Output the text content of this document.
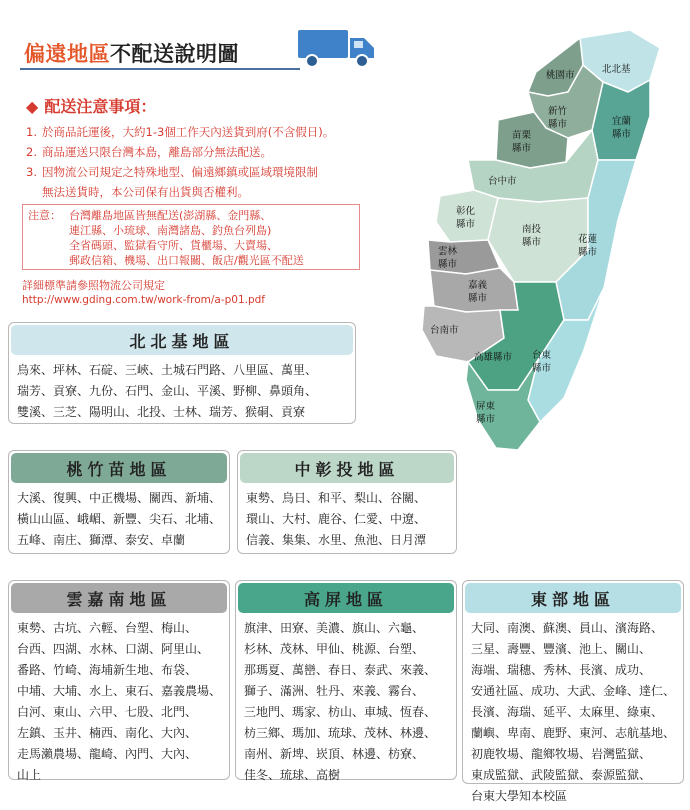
偏遠地區不配送說明圖
◆ 配送注意事項：
1. 於商品託運後，大約1-3個工作天內送貨到府(不含假日)。
2. 商品運送只限台灣本島，離島部分無法配送。
3. 因物流公司規定之特殊地型、偏遠鄉鎮或區域環境限制
無法送貨時，本公司保有出貨與否權利。
注意： 台灣離島地區皆無配送(澎湖縣、金門縣、
連江縣、小琉球、南灣諸島、釣魚台列島)
全省碼頭、監獄看守所、貨櫃場、大賣場、
郵政信箱、機場、出口報關、飯店/觀光區不配送
詳細標準請參照物流公司規定
http://www.gding.com.tw/work-from/a-p01.pdf
北北基地區
烏來、坪林、石碇、三峽、土城石門路、八里區、萬里、
瑞芳、貢寮、九份、石門、金山、平溪、野柳、鼻頭角、
雙溪、三芝、陽明山、北投、士林、瑞芳、猴硐、貢寮
桃竹苗地區
大溪、復興、中正機場、關西、新埔、
橫山山區、峨嵋、新豐、尖石、北埔、
五峰、南庄、獅潭、泰安、卓蘭
中彰投地區
東勢、烏日、和平、梨山、谷關、
環山、大村、鹿谷、仁愛、中遼、
信義、集集、水里、魚池、日月潭
雲嘉南地區
東勢、古坑、六輕、台塑、梅山、
台西、四湖、水林、口湖、阿里山、
番路、竹崎、海埔新生地、布袋、
中埔、大埔、水上、東石、嘉義農場、
白河、東山、六甲、七股、北門、
左鎮、玉井、楠西、南化、大內、
走馬瀨農場、龍崎、內門、大內、
山上
高屏地區
旗津、田寮、美濃、旗山、六龜、
杉林、茂林、甲仙、桃源、台塑、
那瑪夏、萬巒、春日、泰武、來義、
獅子、滿洲、牡丹、來義、霧台、
三地門、瑪家、枋山、車城、恆春、
枋三鄉、瑪加、琉球、茂林、林邊、
南州、新埤、崁頂、林邊、枋寮、
佳冬、琉球、高樹
東部地區
大同、南澳、蘇澳、員山、濱海路、
三星、壽豐、豐濱、池上、關山、
海端、瑞穗、秀林、長濱、成功、
安通社區、成功、大武、金峰、達仁、
長濱、海瑞、延平、太麻里、綠東、
蘭嶼、卑南、鹿野、東河、志航基地、
初鹿牧場、龍鄉牧場、岩灣監獄、
東成監獄、武陵監獄、泰源監獄、
台東大學知本校區
北北基
桃園市
新竹
縣市	宜蘭
縣市
苗栗
縣市
台中市
彰化
縣市	南投
縣市	花蓮
縣市
雲林
縣市
嘉義
縣市
台南市
高雄縣市 台東
縣市
屏東
縣市
